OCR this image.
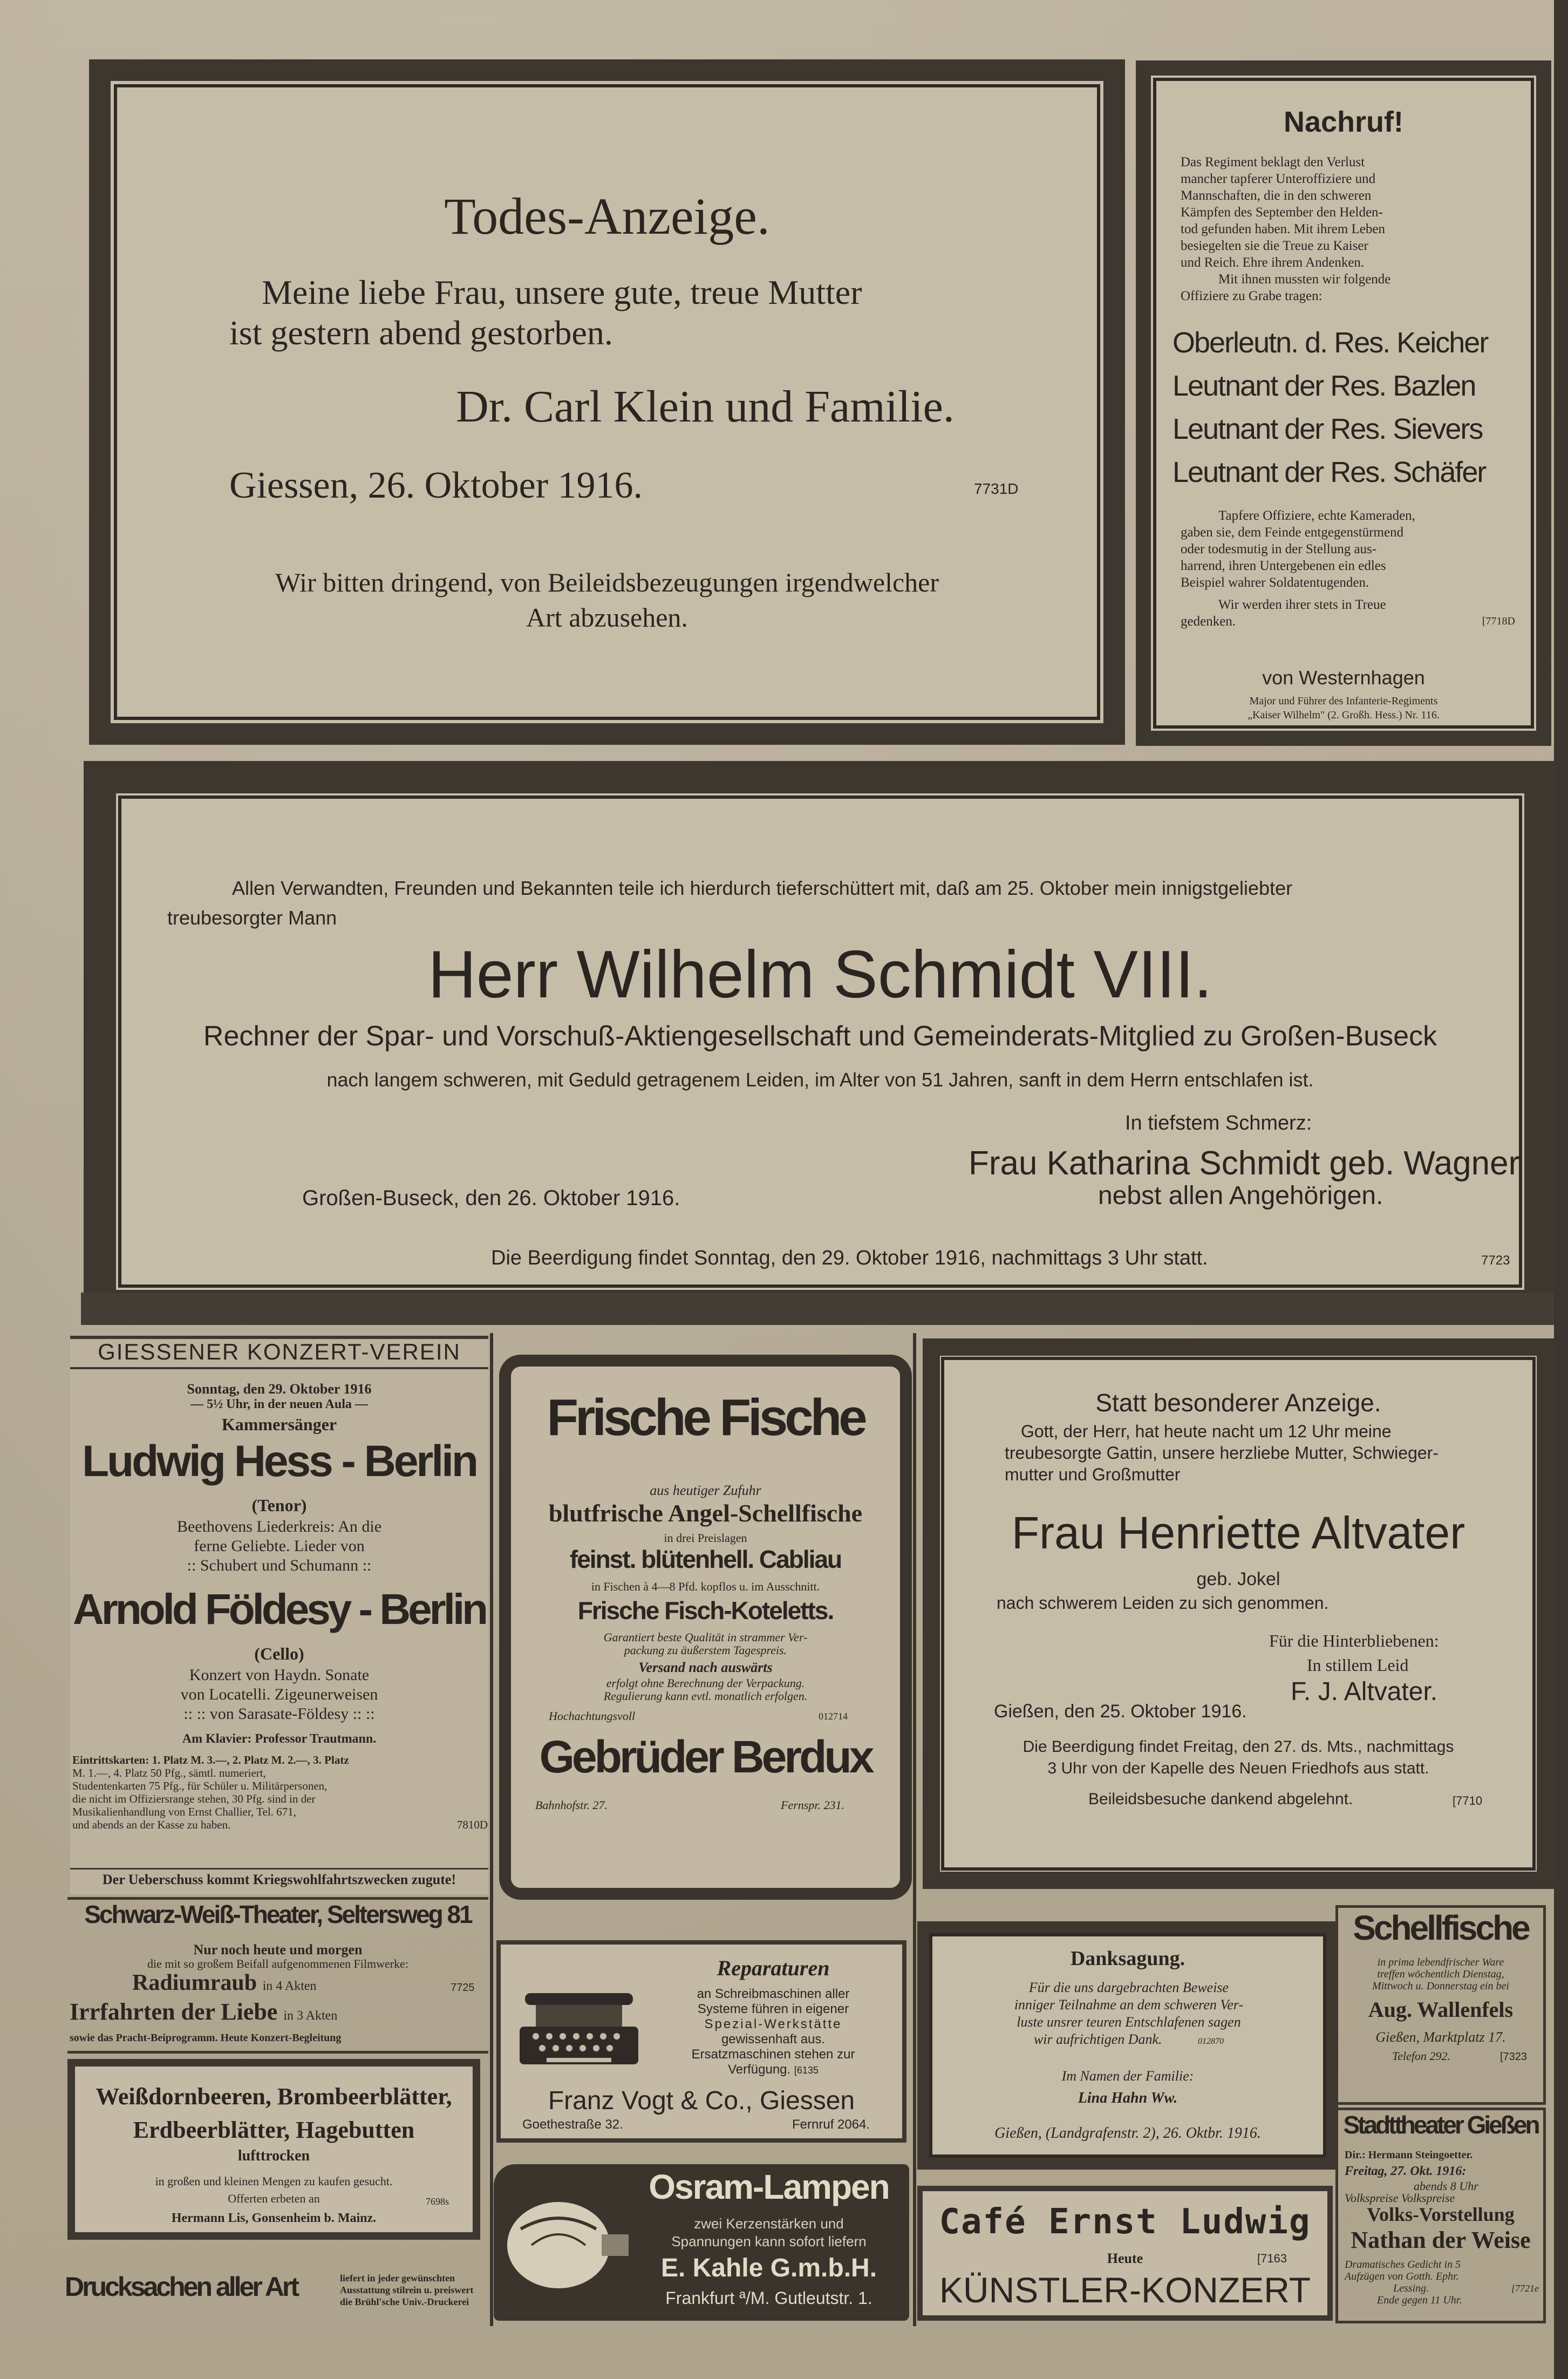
Todes-Anzeige.

Meine liebe Frau, unsere gute, treue Mutter

ist gestern abend gestorben.

Dr. Carl Klein und Familie.

Giessen, 26. Oktober 1916.	7731D

Wir bitten dringend, von Beileidsbezeugungen irgendwelcher

Art abzusehen.

Nachruf!

Das Regiment beklagt den Verlust
mancher tapferer Unteroffiziere und
Mannschaften, die in den schweren
Kämpfen des September den Helden-
tod gefunden haben. Mit ihrem Leben
besiegelten sie die Treue zu Kaiser
und Reich. Ehre ihrem Andenken.
Mit ihnen mussten wir folgende
Offiziere zu Grabe tragen:
Oberleutn. d. Res. Keicher
Leutnant der Res. Bazlen
Leutnant der Res. Sievers
Leutnant der Res. Schäfer
Tapfere Offiziere, echte Kameraden,
gaben sie, dem Feinde entgegenstürmend
oder todesmutig in der Stellung aus-
harrend, ihren Untergebenen ein edles
Beispiel wahrer Soldatentugenden.
Wir werden ihrer stets in Treue
gedenken.	[7718D

von Westernhagen

Major und Führer des Infanterie-Regiments

„Kaiser Wilhelm" (2. Großh. Hess.) Nr. 116.

Allen Verwandten, Freunden und Bekannten teile ich hierdurch tieferschüttert mit, daß am 25. Oktober mein innigstgeliebter

treubesorgter Mann

Herr Wilhelm Schmidt VIII.

Rechner der Spar- und Vorschuß-Aktiengesellschaft und Gemeinderats-Mitglied zu Großen-Buseck

nach langem schweren, mit Geduld getragenem Leiden, im Alter von 51 Jahren, sanft in dem Herrn entschlafen ist.

In tiefstem Schmerz:

Frau Katharina Schmidt geb. Wagner

Großen-Buseck, den 26. Oktober 1916.	nebst allen Angehörigen.

Die Beerdigung findet Sonntag, den 29. Oktober 1916, nachmittags 3 Uhr statt.	7723

GIESSENER KONZERT-VEREIN

Sonntag, den 29. Oktober 1916

— 5½ Uhr, in der neuen Aula —

Kammersänger

Ludwig Hess - Berlin

(Tenor)

Beethovens Liederkreis: An die
ferne Geliebte. Lieder von
:: Schubert und Schumann ::

Arnold Földesy - Berlin

(Cello)

Konzert von Haydn. Sonate
von Locatelli. Zigeunerweisen
:: :: von Sarasate-Földesy :: ::

Am Klavier: Professor Trautmann.

Eintrittskarten: 1. Platz M. 3.—, 2. Platz M. 2.—, 3. Platz
M. 1.—, 4. Platz 50 Pfg., sämtl. numeriert,
Studentenkarten 75 Pfg., für Schüler u. Militärpersonen,
die nicht im Offiziersrange stehen, 30 Pfg. sind in der
Musikalienhandlung von Ernst Challier, Tel. 671,
und abends an der Kasse zu haben.	7810D

Der Ueberschuss kommt Kriegswohlfahrtszwecken zugute!

Schwarz-Weiß-Theater, Seltersweg 81

Nur noch heute und morgen

die mit so großem Beifall aufgenommenen Filmwerke:

Radiumraub in 4 Akten	7725

Irrfahrten der Liebe in 3 Akten

sowie das Pracht-Beiprogramm. Heute Konzert-Begleitung

Weißdornbeeren, Brombeerblätter,

Erdbeerblätter, Hagebutten

lufttrocken

in großen und kleinen Mengen zu kaufen gesucht.

Offerten erbeten an	7698s

Hermann Lis, Gonsenheim b. Mainz.

Drucksachen aller Art	liefert in jeder gewünschten
Ausstattung stilrein u. preiswert
die Brühl'sche Univ.-Druckerei

Frische Fische

aus heutiger Zufuhr

blutfrische Angel-Schellfische

in drei Preislagen

feinst. blütenhell. Cabliau

in Fischen à 4—8 Pfd. kopflos u. im Ausschnitt.

Frische Fisch-Koteletts.

Garantiert beste Qualität in strammer Ver-
packung zu äußerstem Tagespreis.

Versand nach auswärts

erfolgt ohne Berechnung der Verpackung.
Regulierung kann evtl. monatlich erfolgen.

Hochachtungsvoll	012714

Gebrüder Berdux

Bahnhofstr. 27.	Fernspr. 231.

Reparaturen

an Schreibmaschinen aller
Systeme führen in eigener
Spezial-Werkstätte
gewissenhaft aus.
Ersatzmaschinen stehen zur
Verfügung. [6135

Franz Vogt & Co., Giessen

Goethestraße 32.	Fernruf 2064.

Osram-Lampen

zwei Kerzenstärken und

Spannungen kann sofort liefern

E. Kahle G.m.b.H.

Frankfurt ª/M. Gutleutstr. 1.

Statt besonderer Anzeige.

Gott, der Herr, hat heute nacht um 12 Uhr meine
treubesorgte Gattin, unsere herzliebe Mutter, Schwieger-
mutter und Großmutter

Frau Henriette Altvater

geb. Jokel

nach schwerem Leiden zu sich genommen.

Für die Hinterbliebenen:

In stillem Leid

F. J. Altvater.

Gießen, den 25. Oktober 1916.

Die Beerdigung findet Freitag, den 27. ds. Mts., nachmittags
3 Uhr von der Kapelle des Neuen Friedhofs aus statt.

Beileidsbesuche dankend abgelehnt.	[7710

Danksagung.

Für die uns dargebrachten Beweise
inniger Teilnahme an dem schweren Ver-
luste unsrer teuren Entschlafenen sagen
wir aufrichtigen Dank.	012870

Im Namen der Familie:

Lina Hahn Ww.

Gießen, (Landgrafenstr. 2), 26. Oktbr. 1916.

Café Ernst Ludwig

Heute	[7163

KÜNSTLER-KONZERT

Schellfische

in prima lebendfrischer Ware
treffen wöchentlich Dienstag,
Mittwoch u. Donnerstag ein bei

Aug. Wallenfels

Gießen, Marktplatz 17.

Telefon 292.	[7323

Stadttheater Gießen

Dir.: Hermann Steingoetter.

Freitag, 27. Okt. 1916:

abends 8 Uhr

Volkspreise Volkspreise

Volks-Vorstellung

Nathan der Weise

Dramatisches Gedicht in 5
Aufzügen von Gotth. Ephr.
Lessing.	[7721e
Ende gegen 11 Uhr.
